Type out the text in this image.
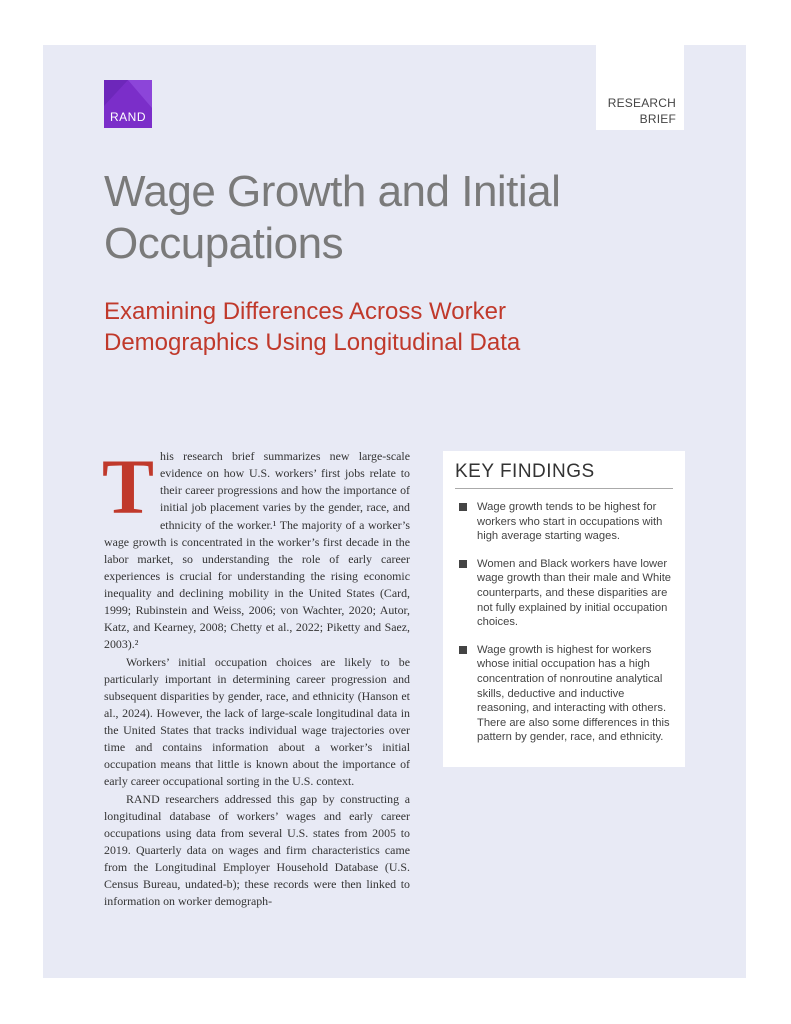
RAND
RESEARCH
BRIEF
Wage Growth and Initial Occupations
Examining Differences Across Worker Demographics Using Longitudinal Data

This research brief summarizes new large-scale evidence on how U.S. workers’ first jobs relate to their career progressions and how the importance of initial job placement varies by the gender, race, and ethnicity of the worker.¹ The majority of a worker’s wage growth is concentrated in the worker’s first decade in the labor market, so understanding the role of early career experiences is crucial for understanding the rising economic inequality and declining mobility in the United States (Card, 1999; Rubinstein and Weiss, 2006; von Wachter, 2020; Autor, Katz, and Kearney, 2008; Chetty et al., 2022; Piketty and Saez, 2003).²

Workers’ initial occupation choices are likely to be particularly important in determining career progression and subsequent disparities by gender, race, and ethnicity (Hanson et al., 2024). However, the lack of large-scale longitudinal data in the United States that tracks individual wage trajectories over time and contains information about a worker’s initial occupation means that little is known about the importance of early career occupational sorting in the U.S. context.

RAND researchers addressed this gap by constructing a longitudinal database of workers’ wages and early career occupations using data from several U.S. states from 2005 to 2019. Quarterly data on wages and firm characteristics came from the Longitudinal Employer Household Database (U.S. Census Bureau, undated-b); these records were then linked to information on worker demograph-

KEY FINDINGS
Wage growth tends to be highest for workers who start in occupations with high average starting wages.
Women and Black workers have lower wage growth than their male and White counterparts, and these disparities are not fully explained by initial occupation choices.
Wage growth is highest for workers whose initial occupation has a high concentration of nonroutine analytical skills, deductive and inductive reasoning, and interacting with others. There are also some differences in this pattern by gender, race, and ethnicity.
